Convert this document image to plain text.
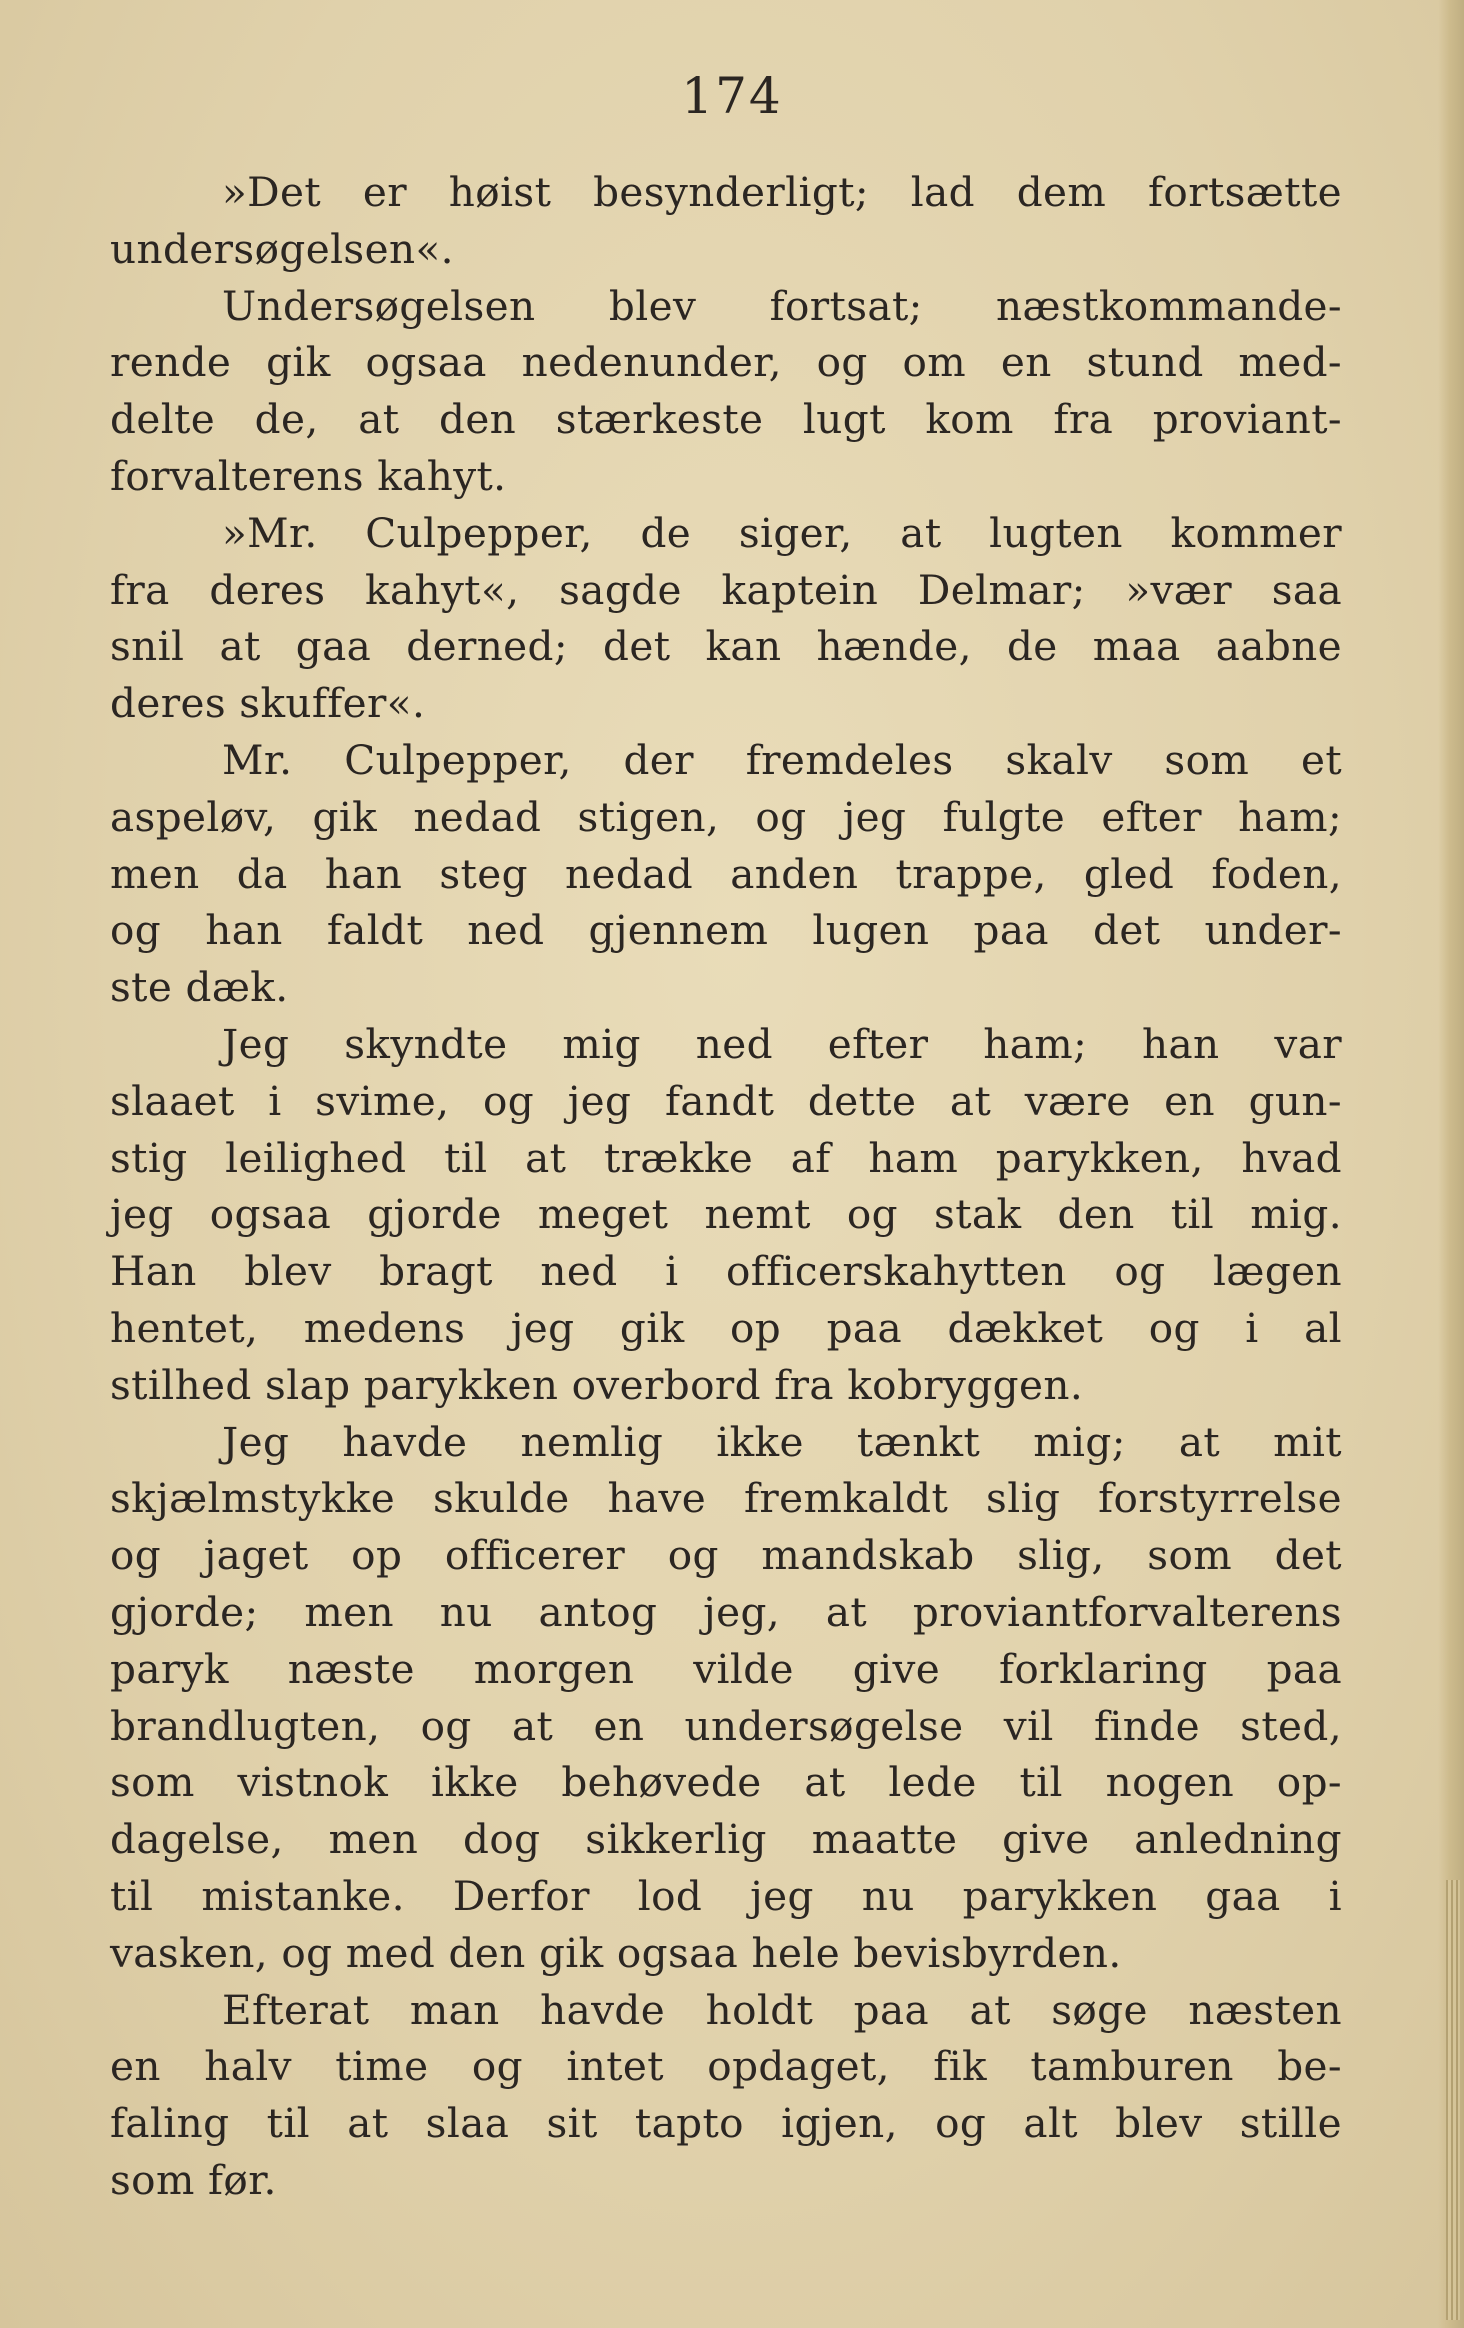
174
»Det er høist besynderligt; lad dem fortsætte
undersøgelsen«.
Undersøgelsen blev fortsat; næstkommande-
rende gik ogsaa nedenunder, og om en stund med-
delte de, at den stærkeste lugt kom fra proviant-
forvalterens kahyt.
»Mr. Culpepper, de siger, at lugten kommer
fra deres kahyt«, sagde kaptein Delmar; »vær saa
snil at gaa derned; det kan hænde, de maa aabne
deres skuffer«.
Mr. Culpepper, der fremdeles skalv som et
aspeløv, gik nedad stigen, og jeg fulgte efter ham;
men da han steg nedad anden trappe, gled foden,
og han faldt ned gjennem lugen paa det under-
ste dæk.
Jeg skyndte mig ned efter ham; han var
slaaet i svime, og jeg fandt dette at være en gun-
stig leilighed til at trække af ham parykken, hvad
jeg ogsaa gjorde meget nemt og stak den til mig.
Han blev bragt ned i officerskahytten og lægen
hentet, medens jeg gik op paa dækket og i al
stilhed slap parykken overbord fra kobryggen.
Jeg havde nemlig ikke tænkt mig; at mit
skjælmstykke skulde have fremkaldt slig forstyrrelse
og jaget op officerer og mandskab slig, som det
gjorde; men nu antog jeg, at proviantforvalterens
paryk næste morgen vilde give forklaring paa
brandlugten, og at en undersøgelse vil finde sted,
som vistnok ikke behøvede at lede til nogen op-
dagelse, men dog sikkerlig maatte give anledning
til mistanke. Derfor lod jeg nu parykken gaa i
vasken, og med den gik ogsaa hele bevisbyrden.
Efterat man havde holdt paa at søge næsten
en halv time og intet opdaget, fik tamburen be-
faling til at slaa sit tapto igjen, og alt blev stille
som før.
